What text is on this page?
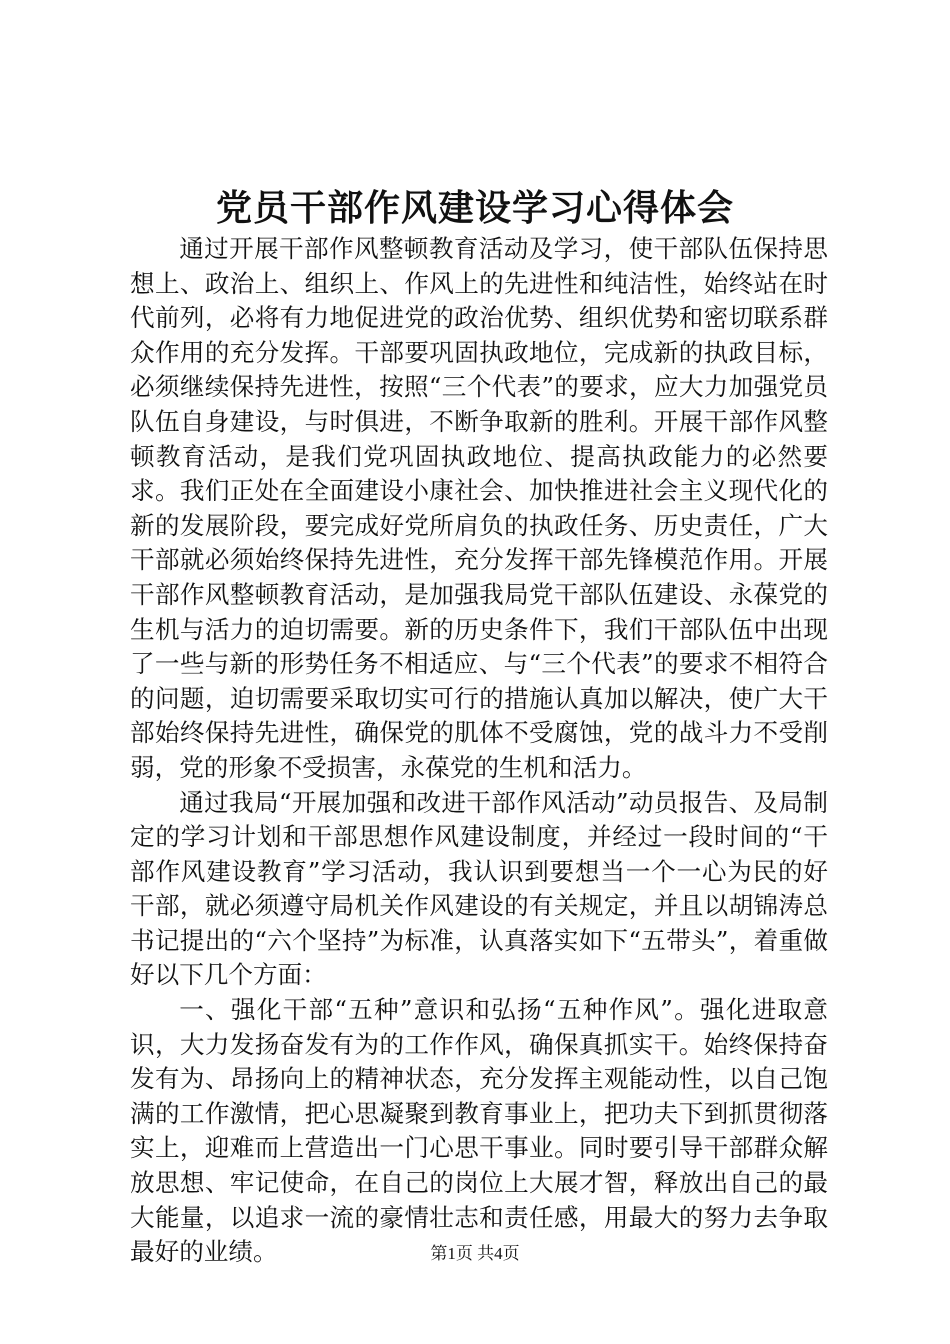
党员干部作风建设学习心得体会

通过开展干部作风整顿教育活动及学习，使干部队伍保持思想上、政治上、组织上、作风上的先进性和纯洁性，始终站在时代前列，必将有力地促进党的政治优势、组织优势和密切联系群众作用的充分发挥。干部要巩固执政地位，完成新的执政目标，必须继续保持先进性，按照“三个代表”的要求，应大力加强党员队伍自身建设，与时俱进，不断争取新的胜利。开展干部作风整顿教育活动，是我们党巩固执政地位、提高执政能力的必然要求。我们正处在全面建设小康社会、加快推进社会主义现代化的新的发展阶段，要完成好党所肩负的执政任务、历史责任，广大干部就必须始终保持先进性，充分发挥干部先锋模范作用。开展干部作风整顿教育活动，是加强我局党干部队伍建设、永葆党的生机与活力的迫切需要。新的历史条件下，我们干部队伍中出现了一些与新的形势任务不相适应、与“三个代表”的要求不相符合的问题，迫切需要采取切实可行的措施认真加以解决，使广大干部始终保持先进性，确保党的肌体不受腐蚀，党的战斗力不受削弱，党的形象不受损害，永葆党的生机和活力。

通过我局“开展加强和改进干部作风活动”动员报告、及局制定的学习计划和干部思想作风建设制度，并经过一段时间的“干部作风建设教育”学习活动，我认识到要想当一个一心为民的好干部，就必须遵守局机关作风建设的有关规定，并且以胡锦涛总书记提出的“六个坚持”为标准，认真落实如下“五带头”，着重做好以下几个方面：

一、强化干部“五种”意识和弘扬“五种作风”。强化进取意识，大力发扬奋发有为的工作作风，确保真抓实干。始终保持奋发有为、昂扬向上的精神状态，充分发挥主观能动性，以自己饱满的工作激情，把心思凝聚到教育事业上，把功夫下到抓贯彻落实上，迎难而上营造出一门心思干事业。同时要引导干部群众解放思想、牢记使命，在自己的岗位上大展才智，释放出自己的最大能量，以追求一流的豪情壮志和责任感，用最大的努力去争取最好的业绩。	第1页 共4页
